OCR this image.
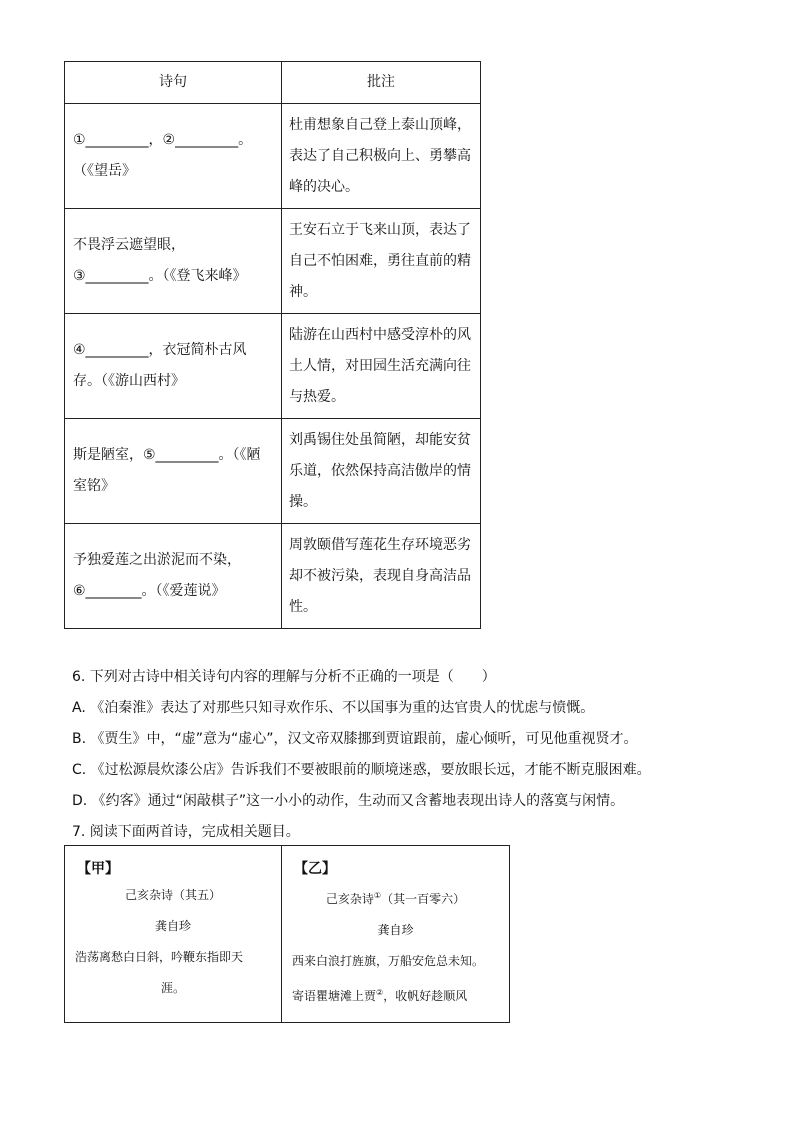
诗句	批注
①_________，②_________。（《望岳》	杜甫想象自己登上泰山顶峰，表达了自己积极向上、勇攀高峰的决心。
不畏浮云遮望眼，③_________。（《登飞来峰》	王安石立于飞来山顶，表达了自己不怕困难，勇往直前的精神。
④_________，衣冠简朴古风存。（《游山西村》	陆游在山西村中感受淳朴的风土人情，对田园生活充满向往与热爱。
斯是陋室，⑤_________。（《陋室铭》	刘禹锡住处虽简陋，却能安贫乐道，依然保持高洁傲岸的情操。
予独爱莲之出淤泥而不染，⑥________。（《爱莲说》	周敦颐借写莲花生存环境恶劣却不被污染，表现自身高洁品性。
6. 下列对古诗中相关诗句内容的理解与分析不正确的一项是（　　）
A. 《泊秦淮》表达了对那些只知寻欢作乐、不以国事为重的达官贵人的忧虑与愤慨。
B. 《贾生》中，“虚”意为“虚心”，汉文帝双膝挪到贾谊跟前，虚心倾听，可见他重视贤才。
C. 《过松源晨炊漆公店》告诉我们不要被眼前的顺境迷惑，要放眼长远，才能不断克服困难。
D. 《约客》通过“闲敲棋子”这一小小的动作，生动而又含蓄地表现出诗人的落寞与闲情。
7. 阅读下面两首诗，完成相关题目。
【甲】
己亥杂诗（其五）
龚自珍
浩荡离愁白日斜，吟鞭东指即天
涯。

【乙】
己亥杂诗①（其一百零六）
龚自珍
西来白浪打旌旗，万船安危总未知。
寄语瞿塘滩上贾②，收帆好趁顺风
